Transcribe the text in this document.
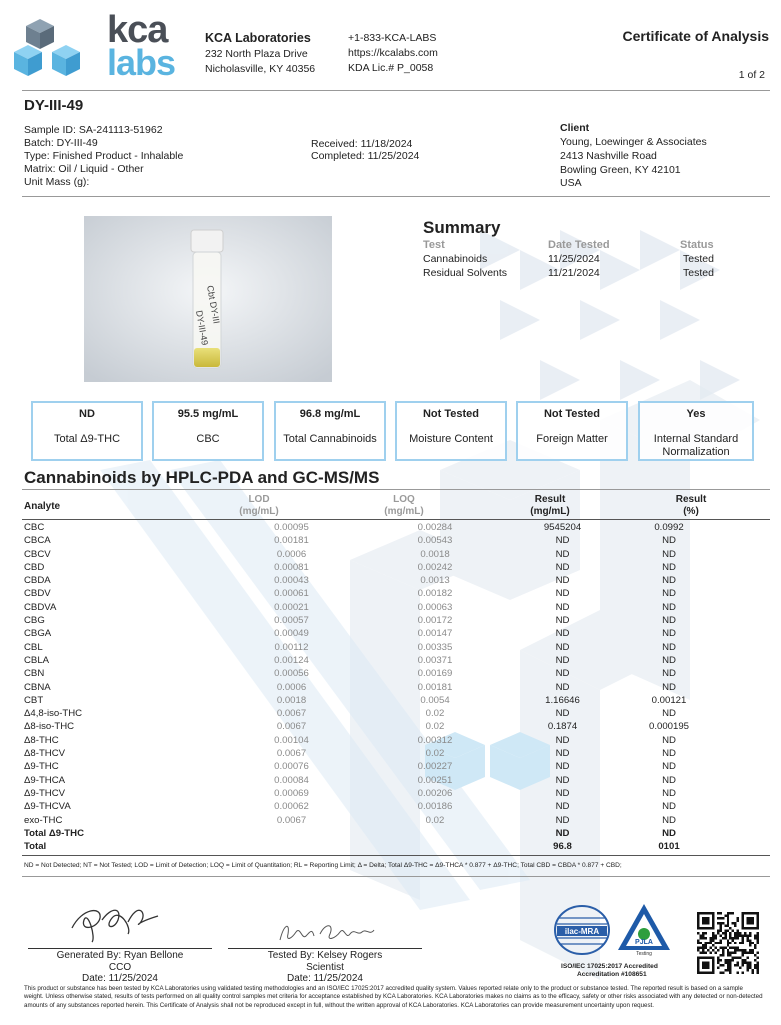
kca
labs
KCA Laboratories
232 North Plaza Drive
Nicholasville, KY 40356
+1-833-KCA-LABS
https://kcalabs.com
KDA Lic.# P_0058
Certificate of Analysis
1 of 2
DY-III-49
Sample ID: SA-241113-51962
Batch: DY-III-49
Type: Finished Product - Inhalable
Matrix: Oil / Liquid - Other
Unit Mass (g):
Received: 11/18/2024
Completed: 11/25/2024
Client
Young, Loewinger & Associates
2413 Nashville Road
Bowling Green, KY 42101
USA
Cbt DY-III
DY-III-49
Summary
Test	Date Tested	Status
Cannabinoids	11/25/2024	Tested
Residual Solvents	11/21/2024	Tested
ND
Total Δ9-THC
95.5 mg/mL
CBC
96.8 mg/mL
Total Cannabinoids
Not Tested
Moisture Content
Not Tested
Foreign Matter
Yes
Internal Standard Normalization
Cannabinoids by HPLC-PDA and GC-MS/MS
Analyte
LOD
(mg/mL)
LOQ
(mg/mL)
Result
(mg/mL)
Result
(%)
CBC	0.00095	0.00284	9545204	0.0992
CBCA	0.00181	0.00543	ND	ND
CBCV	0.0006	0.0018	ND	ND
CBD	0.00081	0.00242	ND	ND
CBDA	0.00043	0.0013	ND	ND
CBDV	0.00061	0.00182	ND	ND
CBDVA	0.00021	0.00063	ND	ND
CBG	0.00057	0.00172	ND	ND
CBGA	0.00049	0.00147	ND	ND
CBL	0.00112	0.00335	ND	ND
CBLA	0.00124	0.00371	ND	ND
CBN	0.00056	0.00169	ND	ND
CBNA	0.0006	0.00181	ND	ND
CBT	0.0018	0.0054	1.16646	0.00121
Δ4,8-iso-THC	0.0067	0.02	ND	ND
Δ8-iso-THC	0.0067	0.02	0.1874	0.000195
Δ8-THC	0.00104	0.00312	ND	ND
Δ8-THCV	0.0067	0.02	ND	ND
Δ9-THC	0.00076	0.00227	ND	ND
Δ9-THCA	0.00084	0.00251	ND	ND
Δ9-THCV	0.00069	0.00206	ND	ND
Δ9-THCVA	0.00062	0.00186	ND	ND
exo-THC	0.0067	0.02	ND	ND
Total Δ9-THC			ND	ND
Total			96.8	0101
ND = Not Detected; NT = Not Tested; LOD = Limit of Detection; LOQ = Limit of Quantitation; RL = Reporting Limit; Δ = Delta; Total Δ9-THC = Δ9-THCA * 0.877 + Δ9-THC; Total CBD = CBDA * 0.877 + CBD;
Generated By: Ryan Bellone
CCO
Date: 11/25/2024
Tested By: Kelsey Rogers
Scientist
Date: 11/25/2024
ilac-MRA
PJLA
Testing
ISO/IEC 17025:2017 Accredited
Accreditation #108651
This product or substance has been tested by KCA Laboratories using validated testing methodologies and an ISO/IEC 17025:2017 accredited quality system. Values reported relate only to the product or substance tested. The reported result is based on a sample weight. Unless otherwise stated, results of tests performed on all quality control samples met criteria for acceptance established by KCA Laboratories. KCA Laboratories makes no claims as to the efficacy, safety or other risks associated with any detected or non-detected amounts of any substances reported herein. This Certificate of Analysis shall not be reproduced except in full, without the written approval of KCA Laboratories. KCA Laboratories can provide measurement uncertainty upon request.
